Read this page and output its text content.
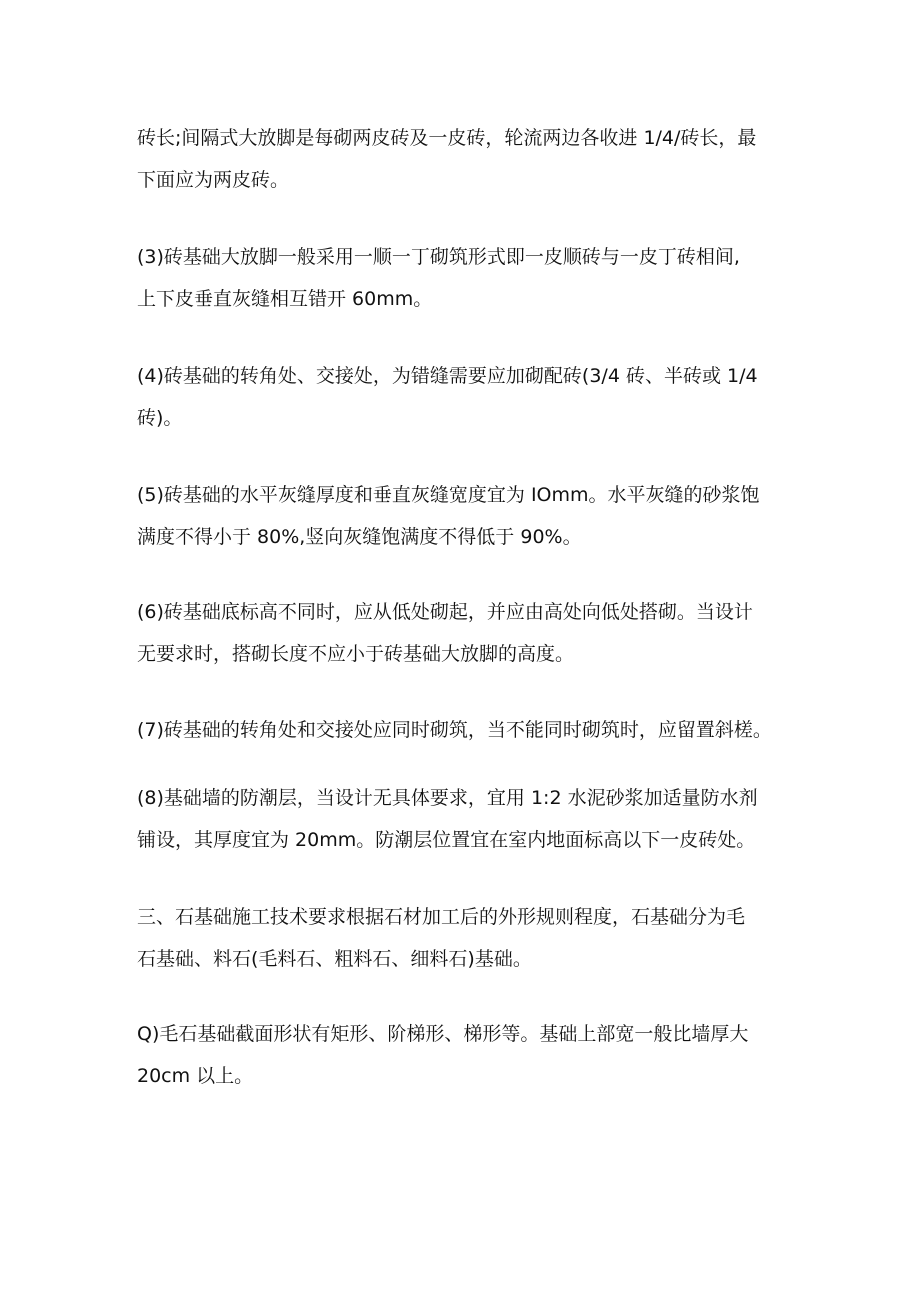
砖长;间隔式大放脚是每砌两皮砖及一皮砖，轮流两边各收进 1/4/砖长，最
下面应为两皮砖。

(3)砖基础大放脚一般采用一顺一丁砌筑形式即一皮顺砖与一皮丁砖相间,
上下皮垂直灰缝相互错开 60mm。

(4)砖基础的转角处、交接处，为错缝需要应加砌配砖(3/4 砖、半砖或 1/4
砖)。

(5)砖基础的水平灰缝厚度和垂直灰缝宽度宜为 IOmm。水平灰缝的砂浆饱
满度不得小于 80%,竖向灰缝饱满度不得低于 90%。

(6)砖基础底标高不同时，应从低处砌起，并应由高处向低处搭砌。当设计
无要求时，搭砌长度不应小于砖基础大放脚的高度。

(7)砖基础的转角处和交接处应同时砌筑，当不能同时砌筑时，应留置斜槎。

(8)基础墙的防潮层，当设计无具体要求，宜用 1:2 水泥砂浆加适量防水剂
铺设，其厚度宜为 20mm。防潮层位置宜在室内地面标高以下一皮砖处。

三、石基础施工技术要求根据石材加工后的外形规则程度，石基础分为毛
石基础、料石(毛料石、粗料石、细料石)基础。

Q)毛石基础截面形状有矩形、阶梯形、梯形等。基础上部宽一般比墙厚大
20cm 以上。
